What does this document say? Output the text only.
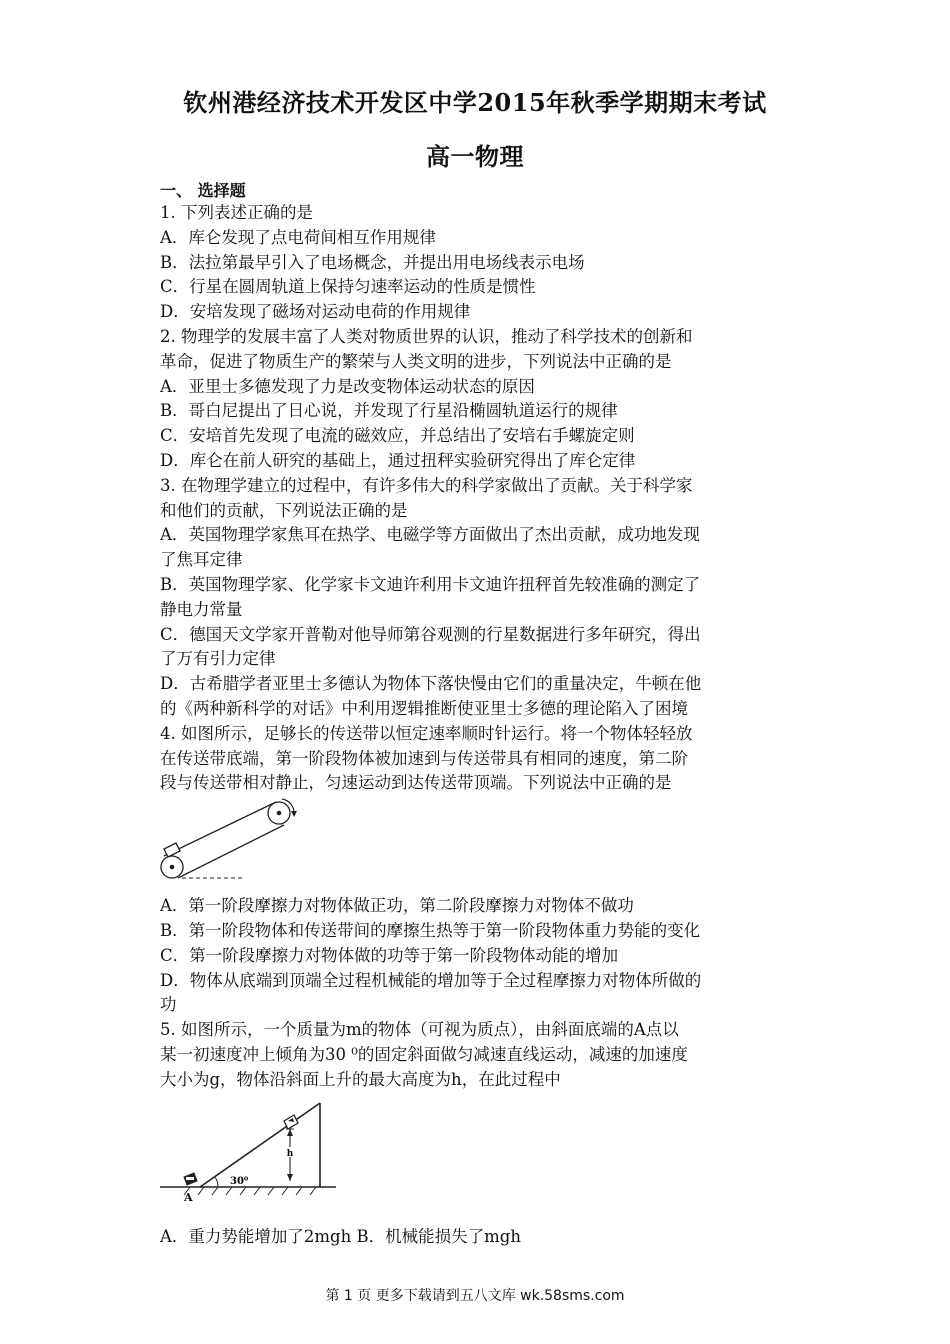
钦州港经济技术开发区中学2015年秋季学期期末考试
高一物理
一、 选择题
1. 下列表述正确的是
A．库仑发现了点电荷间相互作用规律
B．法拉第最早引入了电场概念，并提出用电场线表示电场
C．行星在圆周轨道上保持匀速率运动的性质是惯性
D．安培发现了磁场对运动电荷的作用规律
2. 物理学的发展丰富了人类对物质世界的认识，推动了科学技术的创新和
革命，促进了物质生产的繁荣与人类文明的进步，下列说法中正确的是
A．亚里士多德发现了力是改变物体运动状态的原因
B．哥白尼提出了日心说，并发现了行星沿椭圆轨道运行的规律
C．安培首先发现了电流的磁效应，并总结出了安培右手螺旋定则
D．库仑在前人研究的基础上，通过扭秤实验研究得出了库仑定律
3. 在物理学建立的过程中，有许多伟大的科学家做出了贡献。关于科学家
和他们的贡献，下列说法正确的是
A．英国物理学家焦耳在热学、电磁学等方面做出了杰出贡献，成功地发现
了焦耳定律
B．英国物理学家、化学家卡文迪许利用卡文迪许扭秤首先较准确的测定了
静电力常量
C．德国天文学家开普勒对他导师第谷观测的行星数据进行多年研究，得出
了万有引力定律
D．古希腊学者亚里士多德认为物体下落快慢由它们的重量决定，牛顿在他
的《两种新科学的对话》中利用逻辑推断使亚里士多德的理论陷入了困境
4. 如图所示，足够长的传送带以恒定速率顺时针运行。将一个物体轻轻放
在传送带底端，第一阶段物体被加速到与传送带具有相同的速度，第二阶
段与传送带相对静止，匀速运动到达传送带顶端。下列说法中正确的是
A．第一阶段摩擦力对物体做正功，第二阶段摩擦力对物体不做功
B．第一阶段物体和传送带间的摩擦生热等于第一阶段物体重力势能的变化
C．第一阶段摩擦力对物体做的功等于第一阶段物体动能的增加
D．物体从底端到顶端全过程机械能的增加等于全过程摩擦力对物体所做的
功
5. 如图所示，一个质量为m的物体（可视为质点），由斜面底端的A点以
某一初速度冲上倾角为30 ⁰的固定斜面做匀减速直线运动，减速的加速度
大小为g，物体沿斜面上升的最大高度为h，在此过程中
h
30⁰
A
A．重力势能增加了2mgh B．机械能损失了mgh
第 1 页 更多下载请到五八文库 wk.58sms.com
